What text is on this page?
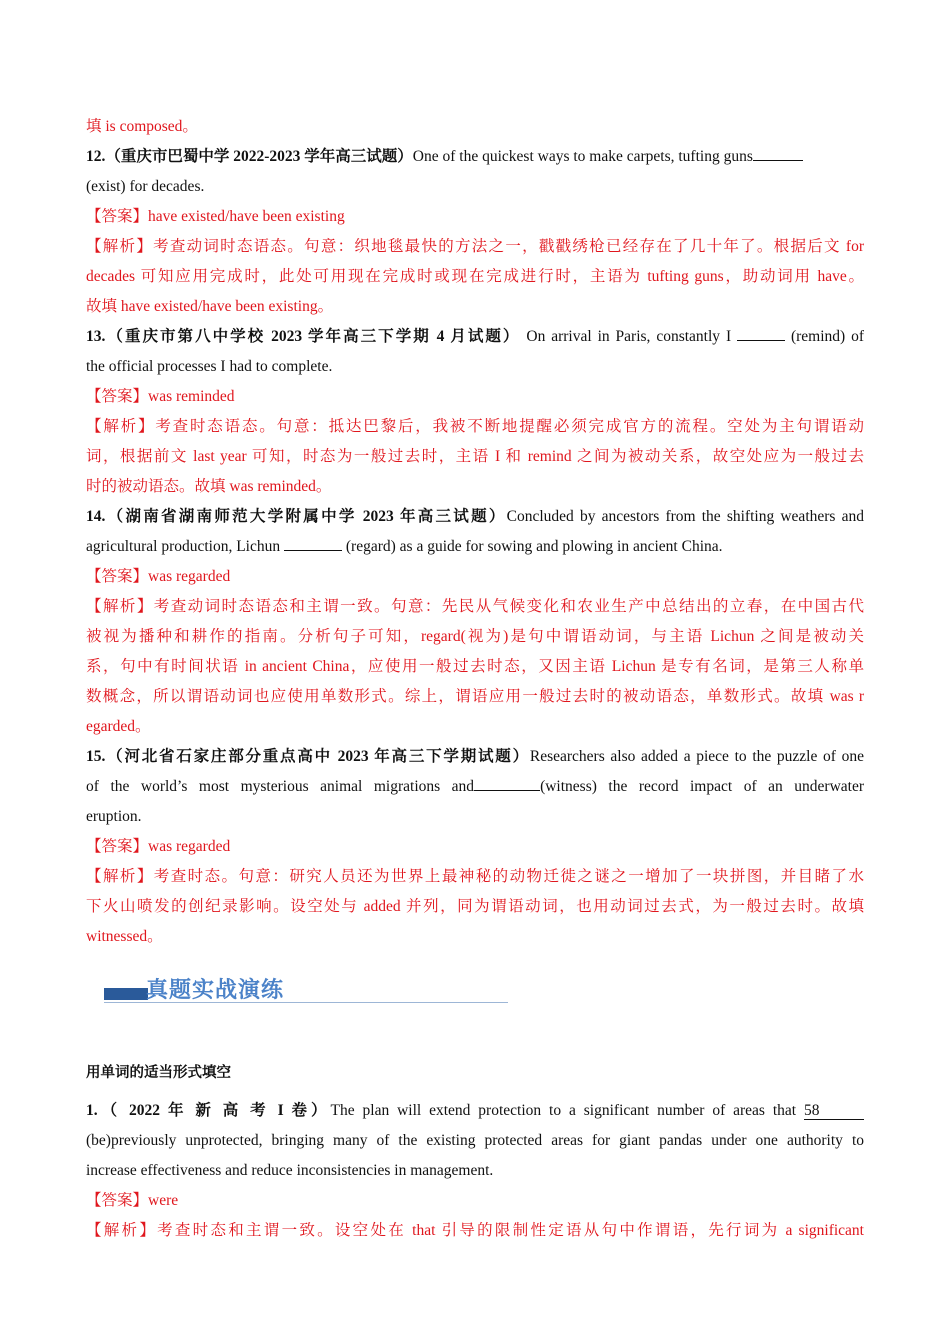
填 is composed。
12.（重庆市巴蜀中学 2022-2023 学年高三试题）One of the quickest ways to make carpets, tufting guns
(exist) for decades.
【答案】have existed/have been existing
【解析】考查动词时态语态。句意：织地毯最快的方法之一，戳戳绣枪已经存在了几十年了。根据后文 for
decades 可知应用完成时，此处可用现在完成时或现在完成进行时，主语为 tufting guns，助动词用 have。
故填 have existed/have been existing。
13.（重庆市第八中学校 2023 学年高三下学期 4 月试题） On arrival in Paris, constantly I	(remind) of
the official processes I had to complete.
【答案】was reminded
【解析】考查时态语态。句意：抵达巴黎后，我被不断地提醒必须完成官方的流程。空处为主句谓语动
词，根据前文 last year 可知，时态为一般过去时，主语 I 和 remind 之间为被动关系，故空处应为一般过去
时的被动语态。故填 was reminded。
14.（湖南省湖南师范大学附属中学 2023 年高三试题）Concluded by ancestors from the shifting weathers and
agricultural production, Lichun	(regard) as a guide for sowing and plowing in ancient China.
【答案】was regarded
【解析】考查动词时态语态和主谓一致。句意：先民从气候变化和农业生产中总结出的立春，在中国古代
被视为播种和耕作的指南。分析句子可知，regard(视为)是句中谓语动词，与主语 Lichun 之间是被动关
系，句中有时间状语 in ancient China，应使用一般过去时态，又因主语 Lichun 是专有名词，是第三人称单
数概念，所以谓语动词也应使用单数形式。综上，谓语应用一般过去时的被动语态，单数形式。故填 was r
egarded。
15.（河北省石家庄部分重点高中 2023 年高三下学期试题）Researchers also added a piece to the puzzle of one
of the world’s most mysterious animal migrations and	(witness) the record impact of an underwater
eruption.
【答案】was regarded
【解析】考查时态。句意：研究人员还为世界上最神秘的动物迁徙之谜之一增加了一块拼图，并目睹了水
下火山喷发的创纪录影响。设空处与 added 并列，同为谓语动词，也用动词过去式，为一般过去时。故填
witnessed。
真题实战演练
用单词的适当形式填空
1.（ 2022 年 新 高 考 I 卷）The plan will extend protection to a significant number of areas that 58
(be)previously unprotected, bringing many of the existing protected areas for giant pandas under one authority to
increase effectiveness and reduce inconsistencies in management.
【答案】were
【解析】考查时态和主谓一致。设空处在 that 引导的限制性定语从句中作谓语，先行词为 a significant
